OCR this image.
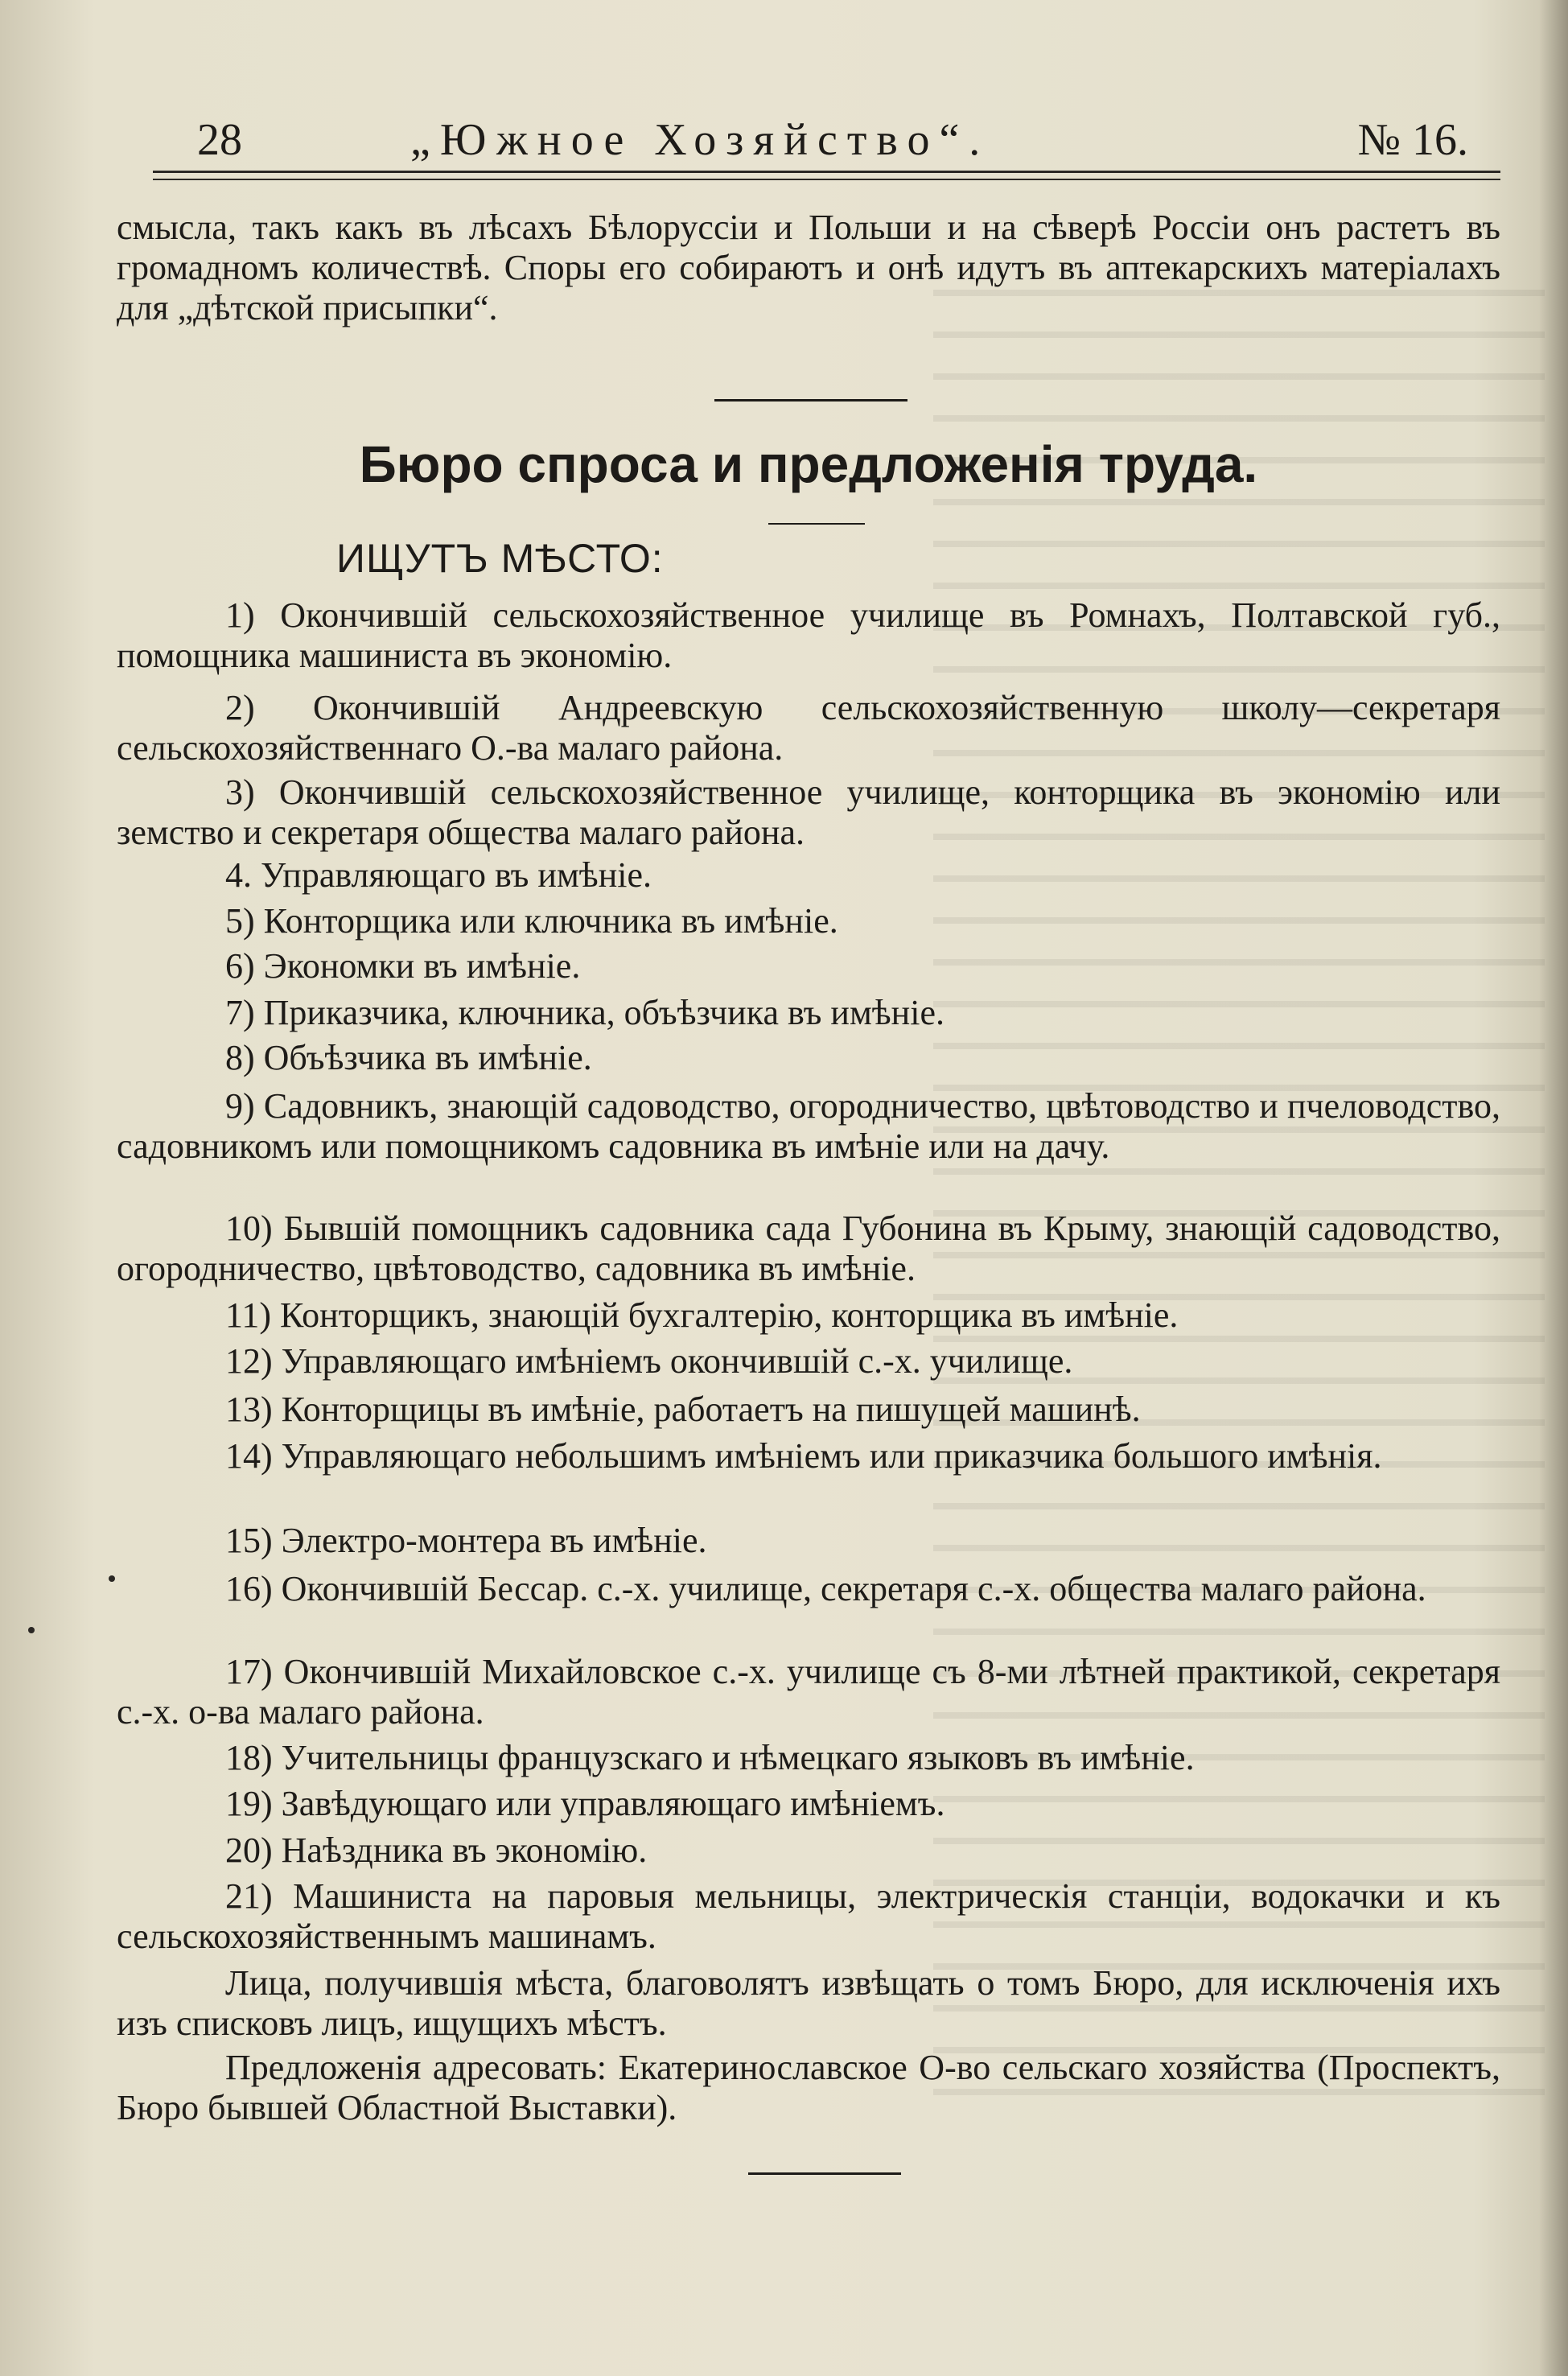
28	„Южное Хозяйство“.	№ 16.
смысла, такъ какъ въ лѣсахъ Бѣлоруссіи и Польши и на сѣверѣ Россіи онъ растетъ въ громадномъ количествѣ. Споры его собираютъ и онѣ идутъ въ аптекарскихъ матеріалахъ для „дѣтской присыпки“.
Бюро спроса и предложенія труда.
ИЩУТЪ МѢСТО:
1) Окончившій сельскохозяйственное училище въ Ромнахъ, Полтавской губ., помощника машиниста въ экономію.
2) Окончившій Андреевскую сельскохозяйственную школу—секретаря сельскохозяйственнаго О.-ва малаго района.
3) Окончившій сельскохозяйственное училище, конторщика въ экономію или земство и секретаря общества малаго района.
4. Управляющаго въ имѣніе.
5) Конторщика или ключника въ имѣніе.
6) Экономки въ имѣніе.
7) Приказчика, ключника, объѣзчика въ имѣніе.
8) Объѣзчика въ имѣніе.
9) Садовникъ, знающій садоводство, огородничество, цвѣтоводство и пчеловодство, садовникомъ или помощникомъ садовника въ имѣніе или на дачу.
10) Бывшій помощникъ садовника сада Губонина въ Крыму, знающій садоводство, огородничество, цвѣтоводство, садовника въ имѣніе.
11) Конторщикъ, знающій бухгалтерію, конторщика въ имѣніе.
12) Управляющаго имѣніемъ окончившій с.-х. училище.
13) Конторщицы въ имѣніе, работаетъ на пишущей машинѣ.
14) Управляющаго небольшимъ имѣніемъ или приказчика большого имѣнія.
15) Электро-монтера въ имѣніе.
16) Окончившій Бессар. с.-х. училище, секретаря с.-х. общества малаго района.
17) Окончившій Михайловское с.-х. училище съ 8-ми лѣтней практикой, секретаря с.-х. о-ва малаго района.
18) Учительницы французскаго и нѣмецкаго языковъ въ имѣніе.
19) Завѣдующаго или управляющаго имѣніемъ.
20) Наѣздника въ экономію.
21) Машиниста на паровыя мельницы, электрическія станціи, водокачки и къ сельскохозяйственнымъ машинамъ.
Лица, получившія мѣста, благоволятъ извѣщать о томъ Бюро, для исключенія ихъ изъ списковъ лицъ, ищущихъ мѣстъ.
Предложенія адресовать: Екатеринославское О-во сельскаго хозяйства (Проспектъ, Бюро бывшей Областной Выставки).
